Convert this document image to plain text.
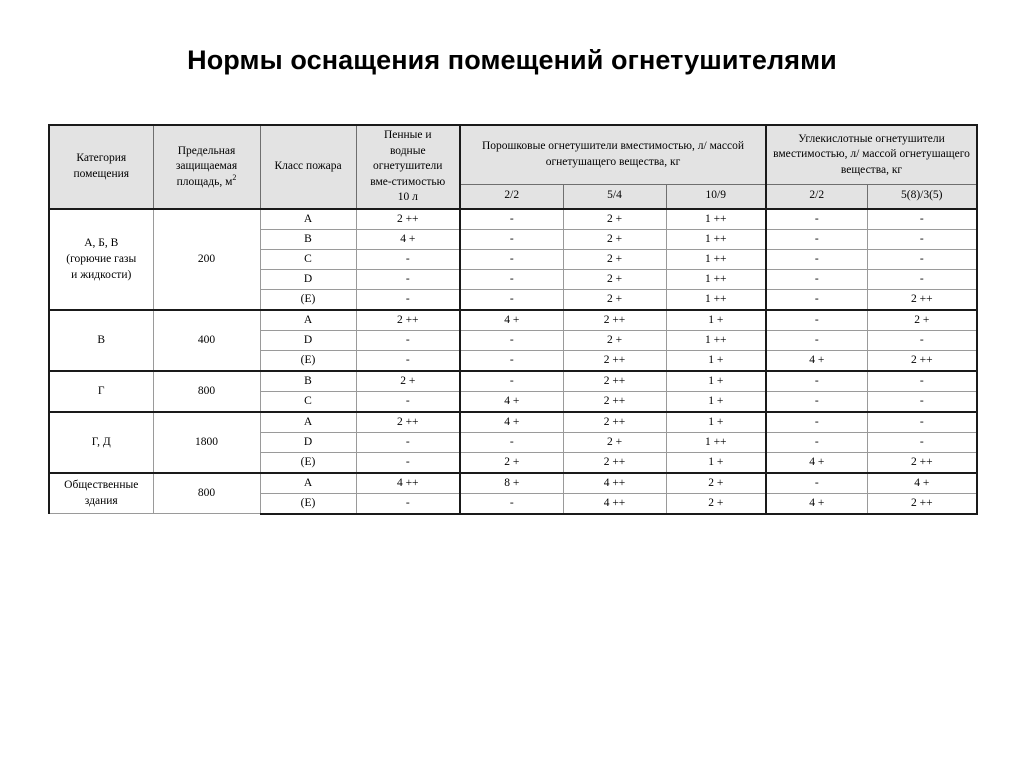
Нормы оснащения помещений огнетушителями
Категория помещения	Предельная
защищаемая
площадь, $м^2$	Класс пожара	Пенные и
водные
огнетушители
вме-стимостью
10 л	Порошковые огнетушители вместимостью, л/ массой огнетушащего вещества, кг			Углекислотные огнетушители вместимостью, л/ массой огнетушащего вещества, кг	
				2/2	5/4	10/9	2/2	5(8)/3(5)
А, Б, В
(горючие газы
и жидкости)	200	A	2 ++	-	2 +	1 ++	-	-
		B	4 +	-	2 +	1 ++	-	-
		C	-	-	2 +	1 ++	-	-
		D	-	-	2 +	1 ++	-	-
		(E)	-	-	2 +	1 ++	-	2 ++
В	400	A	2 ++	4 +	2 ++	1 +	-	2 +
		D	-	-	2 +	1 ++	-	-
		(E)	-	-	2 ++	1 +	4 +	2 ++
Г	800	B	2 +	-	2 ++	1 +	-	-
		C	-	4 +	2 ++	1 +	-	-
Г, Д	1800	A	2 ++	4 +	2 ++	1 +	-	-
		D	-	-	2 +	1 ++	-	-
		(E)	-	2 +	2 ++	1 +	4 +	2 ++
Общественные
здания	800	A	4 ++	8 +	4 ++	2 +	-	4 +
		(E)	-	-	4 ++	2 +	4 +	2 ++
